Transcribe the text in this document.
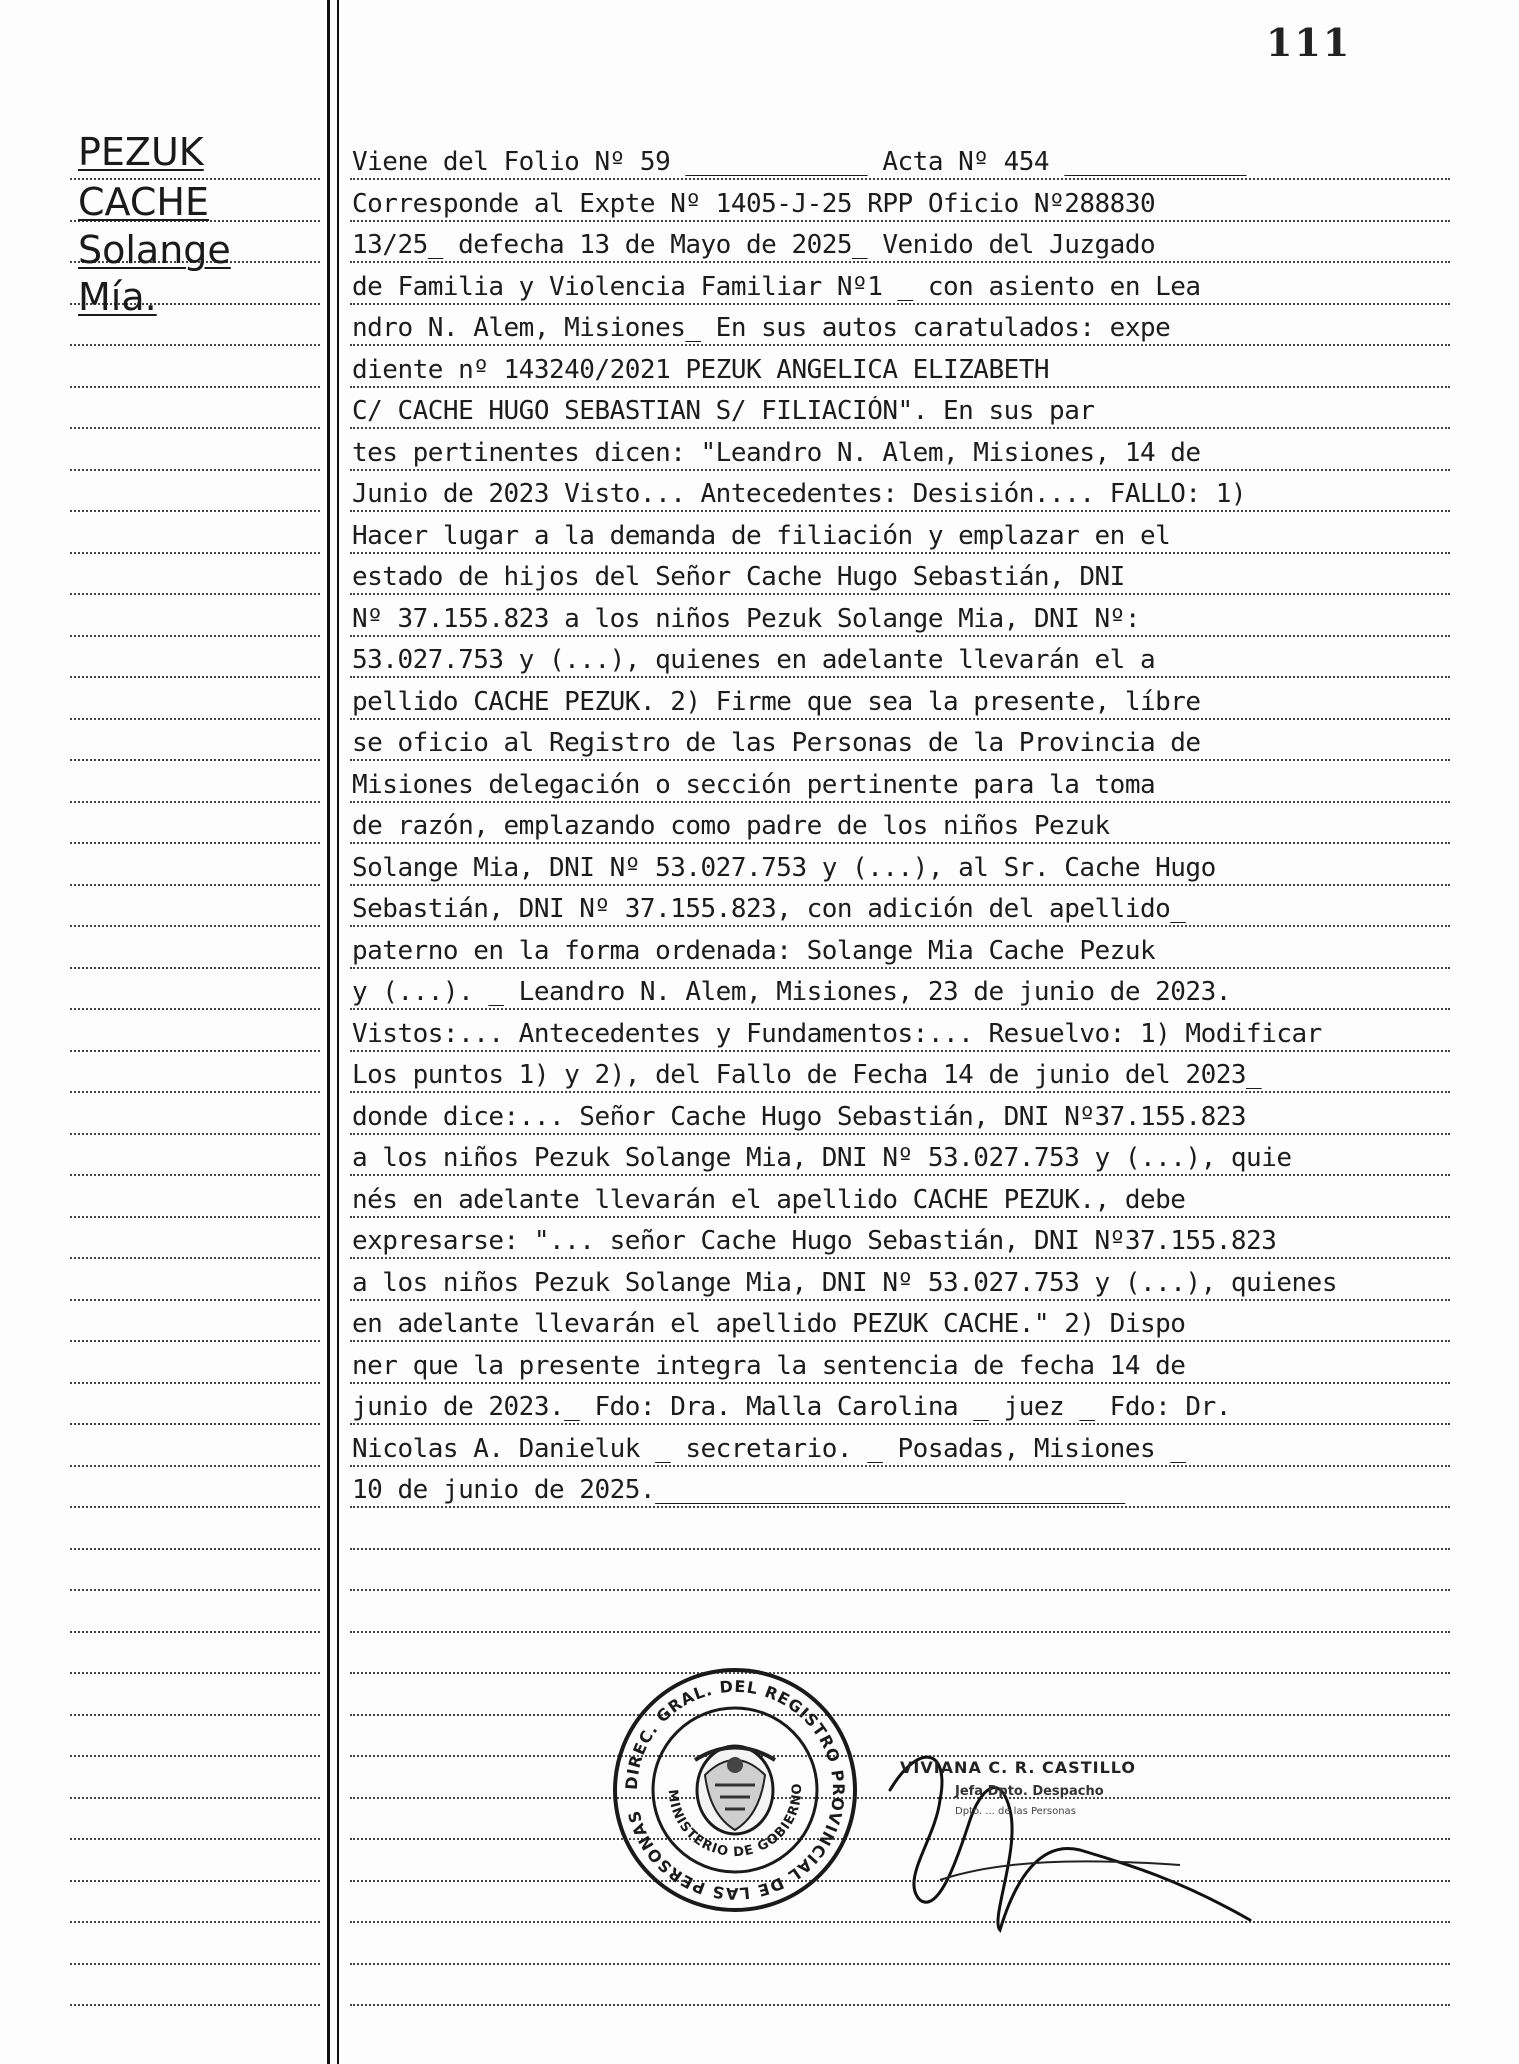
111
PEZUK
CACHE
Solange
Mía.
Viene del Folio Nº 59 ____________ Acta Nº 454 ____________
Corresponde al Expte Nº 1405-J-25 RPP Oficio Nº288830
13/25_ defecha 13 de Mayo de 2025_ Venido del Juzgado
de Familia y Violencia Familiar Nº1 _ con asiento en Lea
ndro N. Alem, Misiones_ En sus autos caratulados: expe
diente nº 143240/2021 PEZUK ANGELICA ELIZABETH
C/ CACHE HUGO SEBASTIAN S/ FILIACIÓN". En sus par
tes pertinentes dicen: "Leandro N. Alem, Misiones, 14 de
Junio de 2023 Visto... Antecedentes: Desisión.... FALLO: 1)
Hacer lugar a la demanda de filiación y emplazar en el
estado de hijos del Señor Cache Hugo Sebastián, DNI
Nº 37.155.823 a los niños Pezuk Solange Mia, DNI Nº:
53.027.753 y (...), quienes en adelante llevarán el a
pellido CACHE PEZUK. 2) Firme que sea la presente, líbre
se oficio al Registro de las Personas de la Provincia de
Misiones delegación o sección pertinente para la toma
de razón, emplazando como padre de los niños Pezuk
Solange Mia, DNI Nº 53.027.753 y (...), al Sr. Cache Hugo
Sebastián, DNI Nº 37.155.823, con adición del apellido_
paterno en la forma ordenada: Solange Mia Cache Pezuk
y (...). _ Leandro N. Alem, Misiones, 23 de junio de 2023.
Vistos:... Antecedentes y Fundamentos:... Resuelvo: 1) Modificar
Los puntos 1) y 2), del Fallo de Fecha 14 de junio del 2023_
donde dice:... Señor Cache Hugo Sebastián, DNI Nº37.155.823
a los niños Pezuk Solange Mia, DNI Nº 53.027.753 y (...), quie
nés en adelante llevarán el apellido CACHE PEZUK., debe
expresarse: "... señor Cache Hugo Sebastián, DNI Nº37.155.823
a los niños Pezuk Solange Mia, DNI Nº 53.027.753 y (...), quienes
en adelante llevarán el apellido PEZUK CACHE." 2) Dispo
ner que la presente integra la sentencia de fecha 14 de
junio de 2023._ Fdo: Dra. Malla Carolina _ juez _ Fdo: Dr.
Nicolas A. Danieluk _ secretario. _ Posadas, Misiones _
10 de junio de 2025._______________________________
DIREC. GRAL. DEL REGISTRO PROVINCIAL DE LAS PERSONAS
MINISTERIO DE GOBIERNO
VIVIANA C. R. CASTILLO
Jefa Dpto. Despacho
Dpto. ... de las Personas
